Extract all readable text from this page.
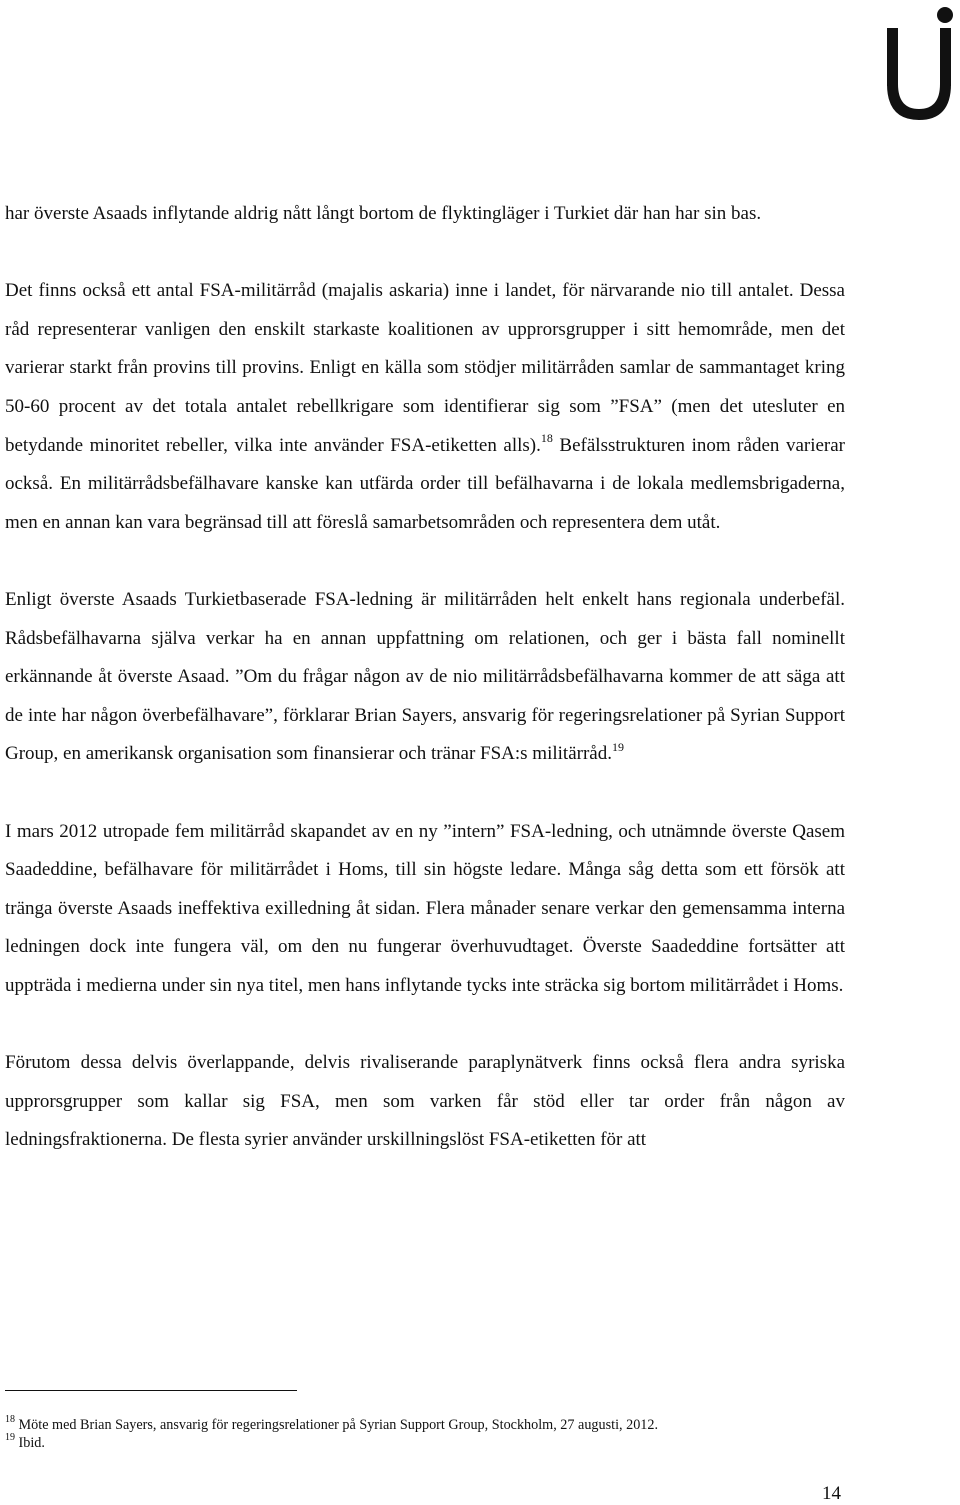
har överste Asaads inflytande aldrig nått långt bortom de flyktingläger i Turkiet där han har sin bas.

Det finns också ett antal FSA-militärråd (majalis askaria) inne i landet, för närvarande nio till antalet. Dessa råd representerar vanligen den enskilt starkaste koalitionen av upprorsgrupper i sitt hemområde, men det varierar starkt från provins till provins. Enligt en källa som stödjer militärråden samlar de sammantaget kring 50-60 procent av det totala antalet rebellkrigare som identifierar sig som ”FSA” (men det utesluter en betydande minoritet rebeller, vilka inte använder FSA-etiketten alls).$^{18}$ Befälsstrukturen inom råden varierar också. En militärrådsbefälhavare kanske kan utfärda order till befälhavarna i de lokala medlemsbrigaderna, men en annan kan vara begränsad till att föreslå samarbetsområden och representera dem utåt.

Enligt överste Asaads Turkietbaserade FSA-ledning är militärråden helt enkelt hans regionala underbefäl. Rådsbefälhavarna själva verkar ha en annan uppfattning om relationen, och ger i bästa fall nominellt erkännande åt överste Asaad. ”Om du frågar någon av de nio militärrådsbefälhavarna kommer de att säga att de inte har någon överbefälhavare”, förklarar Brian Sayers, ansvarig för regeringsrelationer på Syrian Support Group, en amerikansk organisation som finansierar och tränar FSA:s militärråd.$^{19}$

I mars 2012 utropade fem militärråd skapandet av en ny ”intern” FSA-ledning, och utnämnde överste Qasem Saadeddine, befälhavare för militärrådet i Homs, till sin högste ledare. Många såg detta som ett försök att tränga överste Asaads ineffektiva exilledning åt sidan. Flera månader senare verkar den gemensamma interna ledningen dock inte fungera väl, om den nu fungerar överhuvudtaget. Överste Saadeddine fortsätter att uppträda i medierna under sin nya titel, men hans inflytande tycks inte sträcka sig bortom militärrådet i Homs.

Förutom dessa delvis överlappande, delvis rivaliserande paraplynätverk finns också flera andra syriska upprorsgrupper som kallar sig FSA, men som varken får stöd eller tar order från någon av ledningsfraktionerna. De flesta syrier använder urskillningslöst FSA-etiketten för att

$^{18}$ Möte med Brian Sayers, ansvarig för regeringsrelationer på Syrian Support Group, Stockholm, 27 augusti, 2012.
$^{19}$ Ibid.
14
